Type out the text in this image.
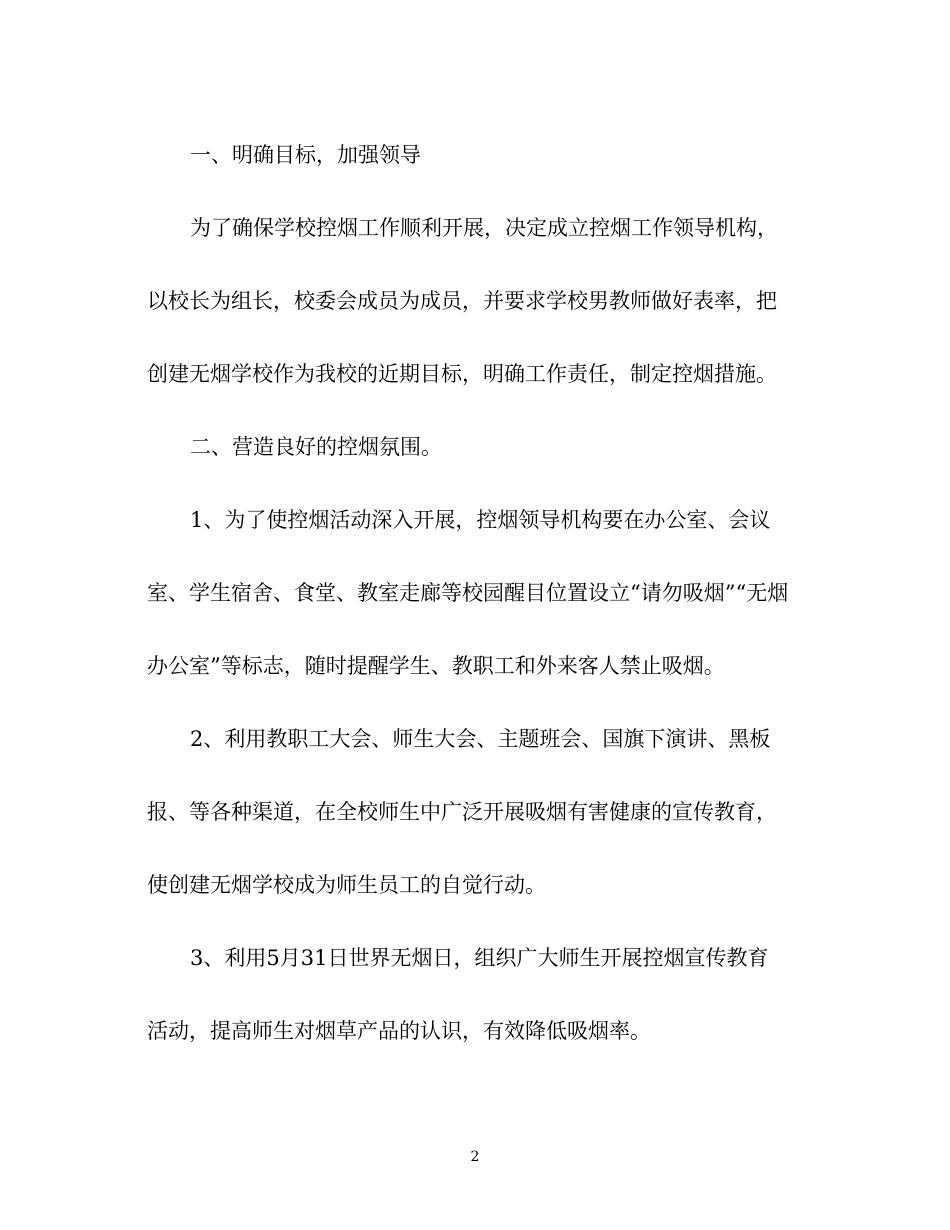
一、明确目标，加强领导
为了确保学校控烟工作顺利开展，决定成立控烟工作领导机构，
以校长为组长，校委会成员为成员，并要求学校男教师做好表率，把
创建无烟学校作为我校的近期目标，明确工作责任，制定控烟措施。
二、营造良好的控烟氛围。
1、为了使控烟活动深入开展，控烟领导机构要在办公室、会议
室、学生宿舍、食堂、教室走廊等校园醒目位置设立“请勿吸烟”“无烟
办公室”等标志，随时提醒学生、教职工和外来客人禁止吸烟。
2、利用教职工大会、师生大会、主题班会、国旗下演讲、黑板
报、等各种渠道，在全校师生中广泛开展吸烟有害健康的宣传教育，
使创建无烟学校成为师生员工的自觉行动。
3、利用5月31日世界无烟日，组织广大师生开展控烟宣传教育
活动，提高师生对烟草产品的认识，有效降低吸烟率。
2
